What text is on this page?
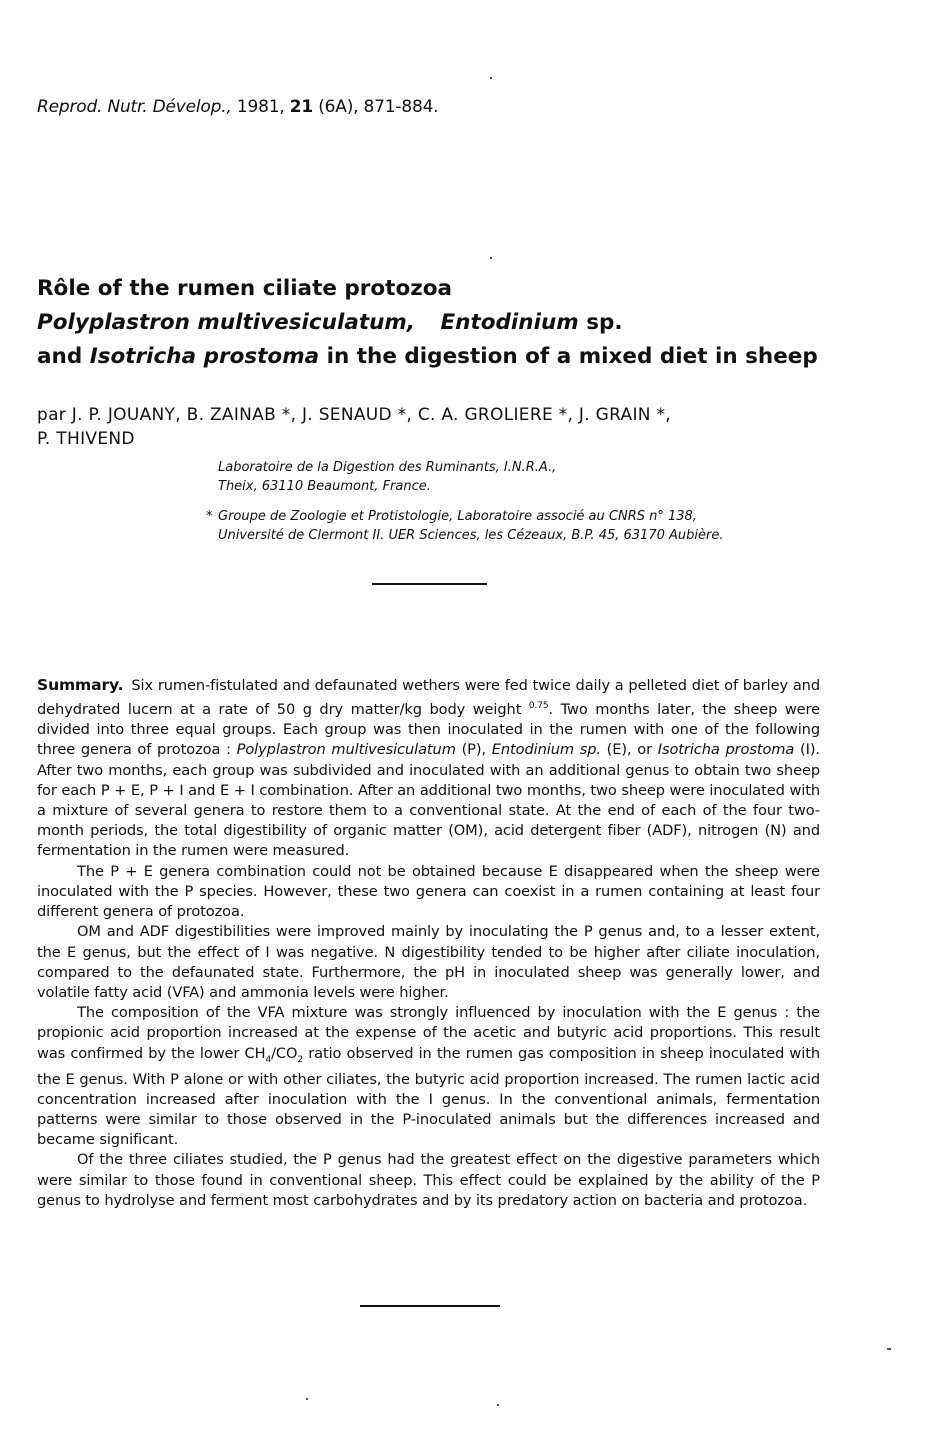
Reprod. Nutr. Dévelop., 1981, 21 (6A), 871-884.
Rôle of the rumen ciliate protozoa
Polyplastron multivesiculatum, Entodinium sp.
and Isotricha prostoma in the digestion of a mixed diet in sheep
par J. P. JOUANY, B. ZAINAB *, J. SENAUD *, C. A. GROLIERE *, J. GRAIN *,
P. THIVEND
Laboratoire de la Digestion des Ruminants, I.N.R.A.,
Theix, 63110 Beaumont, France.
* Groupe de Zoologie et Protistologie, Laboratoire associé au CNRS n° 138,
Université de Clermont II. UER Sciences, les Cézeaux, B.P. 45, 63170 Aubière.

Summary. Six rumen-fistulated and defaunated wethers were fed twice daily a pelleted diet of barley and dehydrated lucern at a rate of 50 g dry matter/kg body weight $^{0.75}$. Two months later, the sheep were divided into three equal groups. Each group was then inoculated in the rumen with one of the following three genera of protozoa : Polyplastron multivesiculatum (P), Entodinium sp. (E), or Isotricha prostoma (I). After two months, each group was subdivided and inoculated with an additional genus to obtain two sheep for each P + E, P + I and E + I combination. After an additional two months, two sheep were inoculated with a mixture of several genera to restore them to a conventional state. At the end of each of the four two-month periods, the total digestibility of organic matter (OM), acid detergent fiber (ADF), nitrogen (N) and fermentation in the rumen were measured.

The P + E genera combination could not be obtained because E disappeared when the sheep were inoculated with the P species. However, these two genera can coexist in a rumen containing at least four different genera of protozoa.

OM and ADF digestibilities were improved mainly by inoculating the P genus and, to a lesser extent, the E genus, but the effect of I was negative. N digestibility tended to be higher after ciliate inoculation, compared to the defaunated state. Furthermore, the pH in inoculated sheep was generally lower, and volatile fatty acid (VFA) and ammonia levels were higher.

The composition of the VFA mixture was strongly influenced by inoculation with the E genus : the propionic acid proportion increased at the expense of the acetic and butyric acid proportions. This result was confirmed by the lower $CH_4/CO_2$ ratio observed in the rumen gas composition in sheep inoculated with the E genus. With P alone or with other ciliates, the butyric acid proportion increased. The rumen lactic acid concentration increased after inoculation with the I genus. In the conventional animals, fermentation patterns were similar to those observed in the P-inoculated animals but the differences increased and became significant.

Of the three ciliates studied, the P genus had the greatest effect on the digestive parameters which were similar to those found in conventional sheep. This effect could be explained by the ability of the P genus to hydrolyse and ferment most carbohydrates and by its predatory action on bacteria and protozoa.
